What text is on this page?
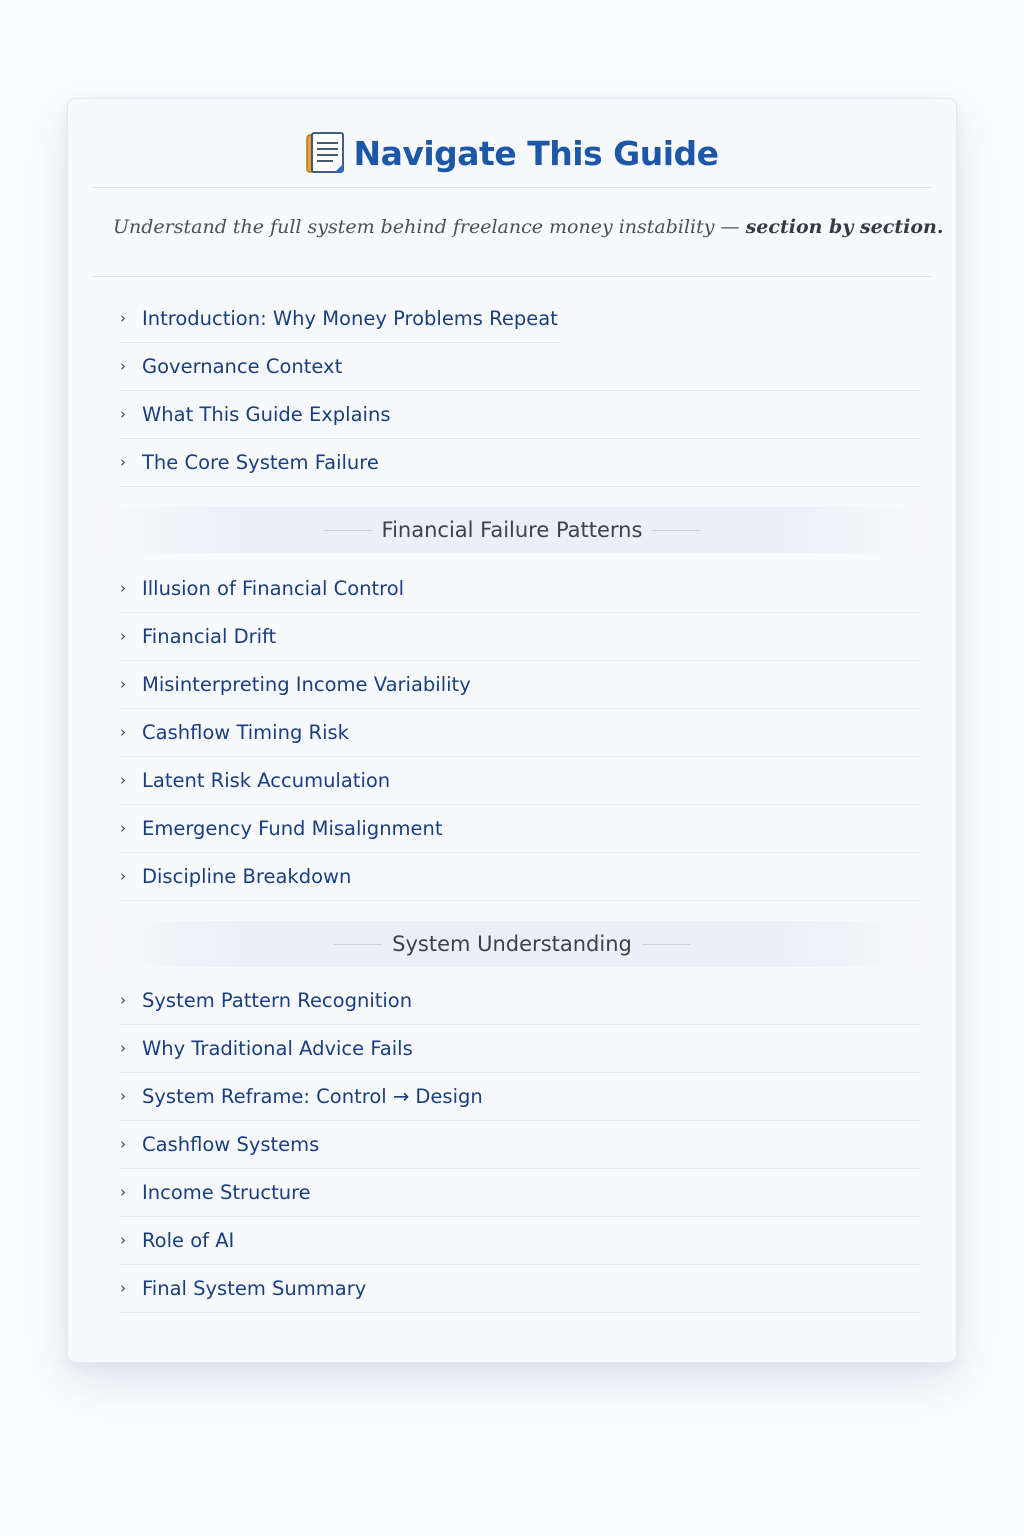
Navigate This Guide

Understand the full system behind freelance money instability — section by section.

› Introduction: Why Money Problems Repeat
› Governance Context
› What This Guide Explains
› The Core System Failure
Financial Failure Patterns
› Illusion of Financial Control
› Financial Drift
› Misinterpreting Income Variability
› Cashflow Timing Risk
› Latent Risk Accumulation
› Emergency Fund Misalignment
› Discipline Breakdown
System Understanding
› System Pattern Recognition
› Why Traditional Advice Fails
› System Reframe: Control → Design
› Cashflow Systems
› Income Structure
› Role of AI
› Final System Summary
